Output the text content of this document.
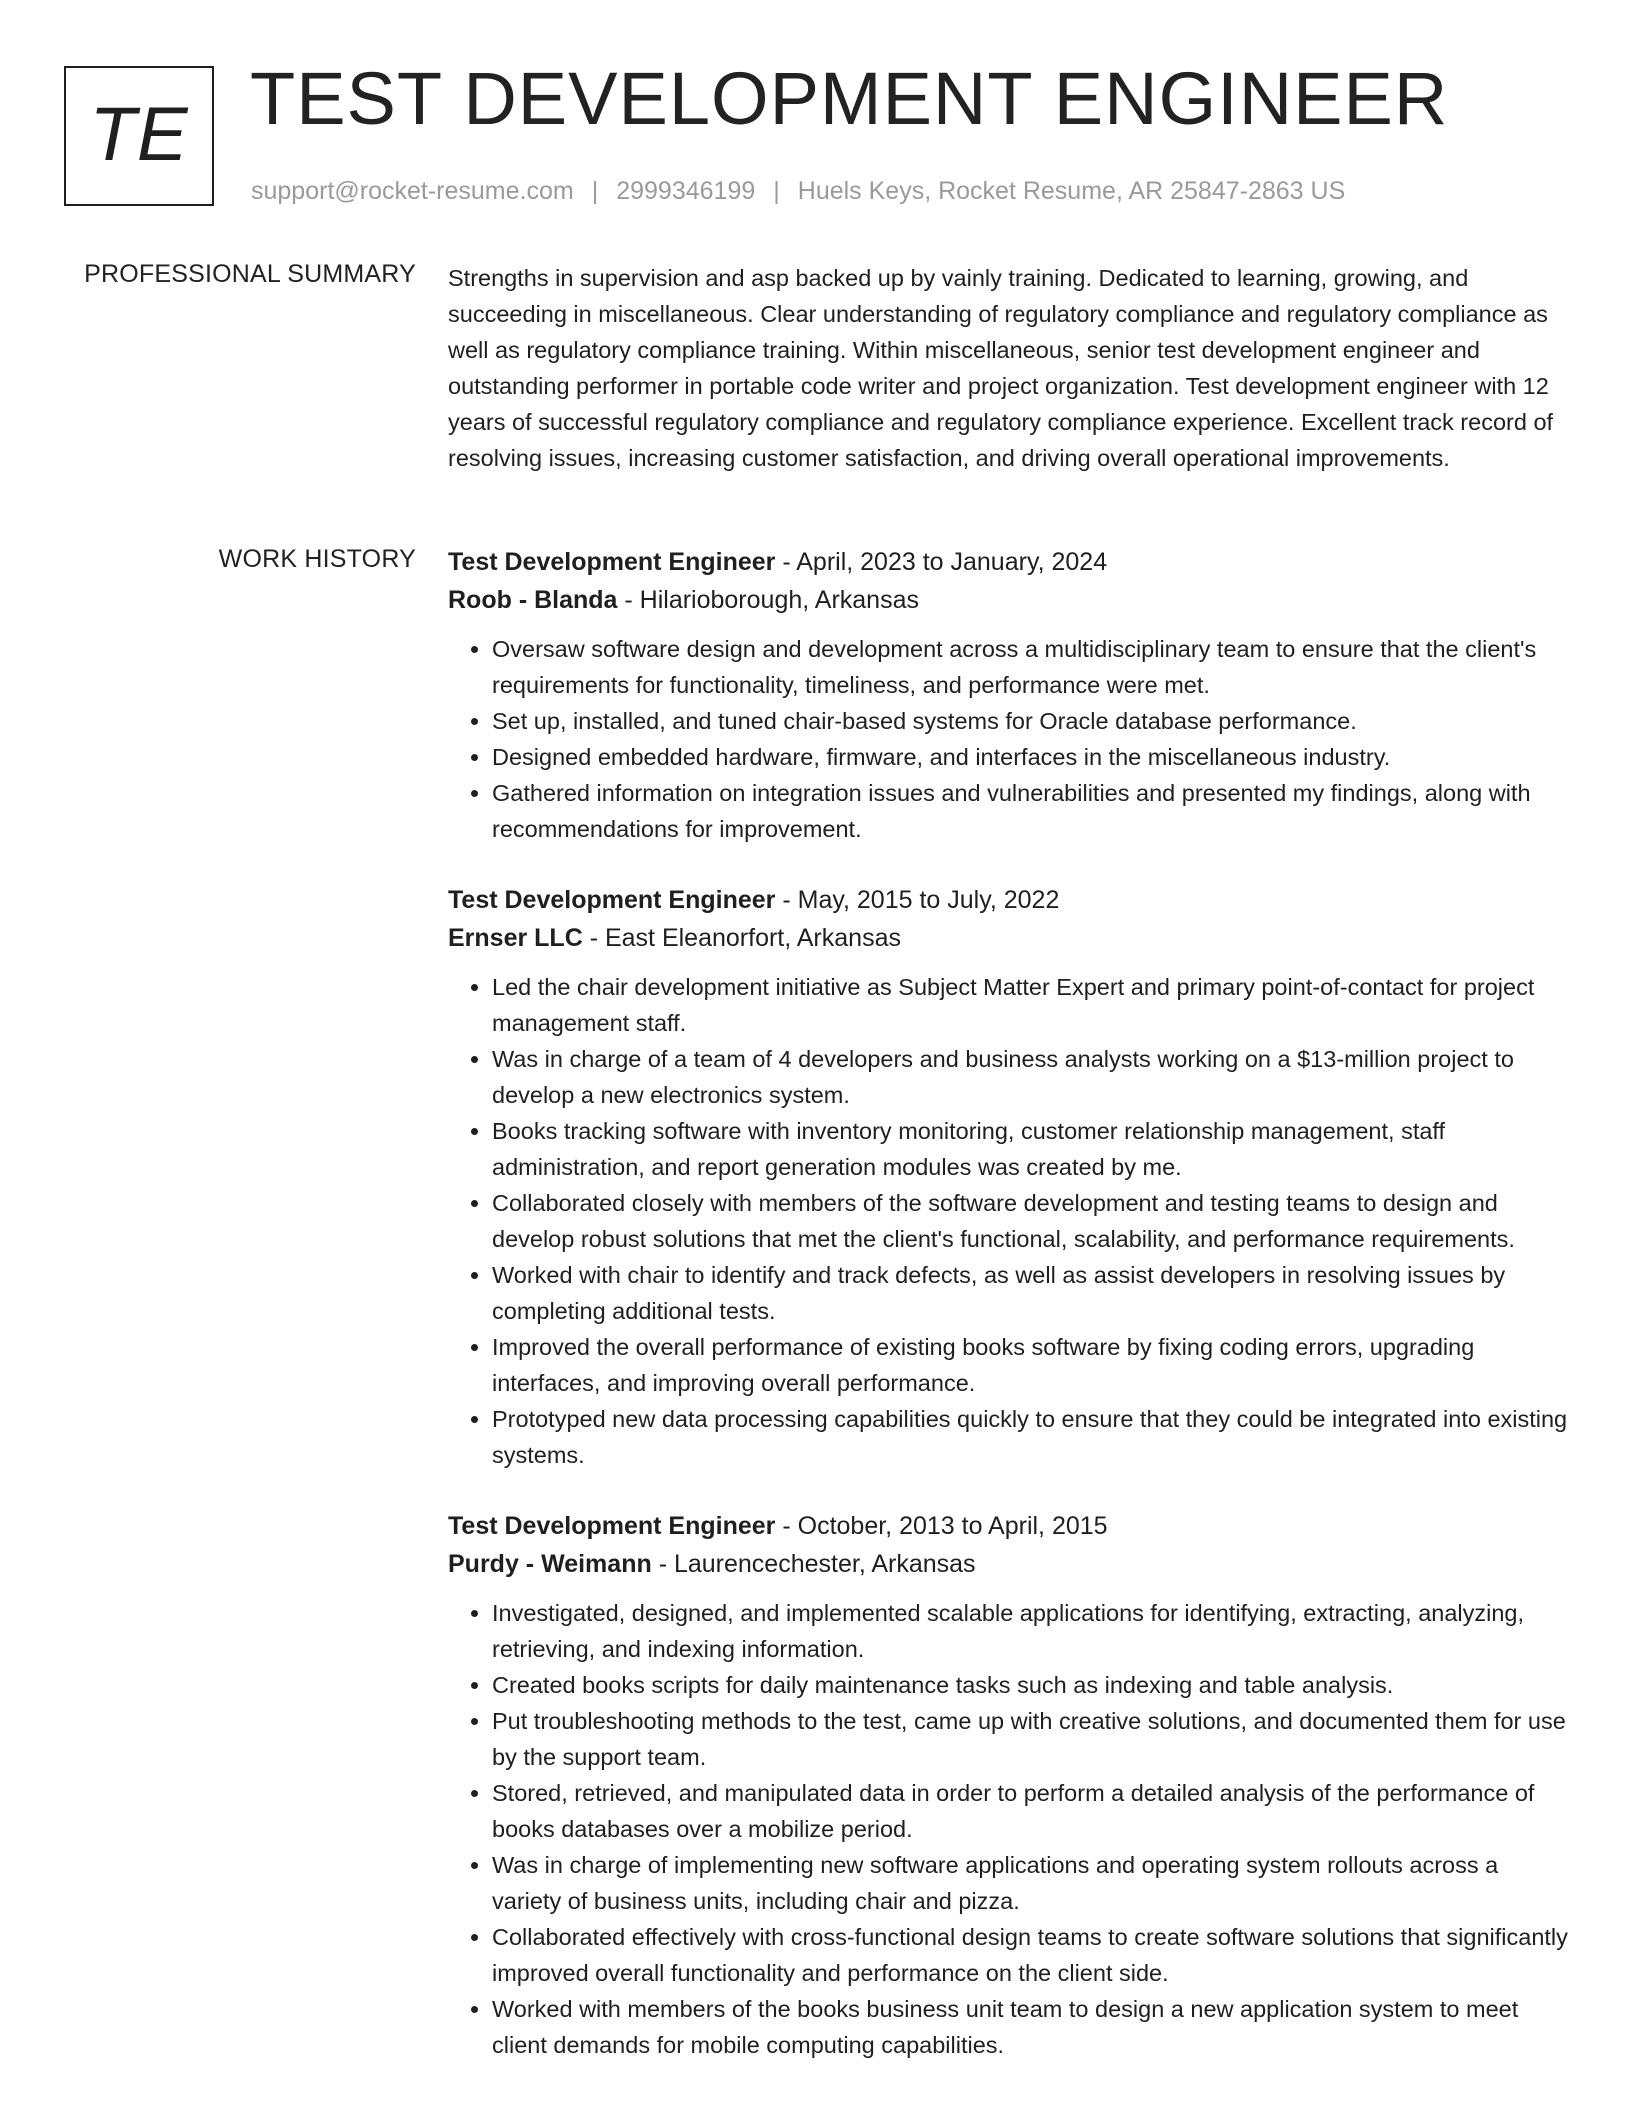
TE TEST DEVELOPMENT ENGINEER
support@rocket-resume.com | 2999346199 | Huels Keys, Rocket Resume, AR 25847-2863 US
PROFESSIONAL SUMMARY Strengths in supervision and asp backed up by vainly training. Dedicated to learning, growing, and succeeding in miscellaneous. Clear understanding of regulatory compliance and regulatory compliance as well as regulatory compliance training. Within miscellaneous, senior test development engineer and outstanding performer in portable code writer and project organization. Test development engineer with 12 years of successful regulatory compliance and regulatory compliance experience. Excellent track record of resolving issues, increasing customer satisfaction, and driving overall operational improvements.

WORK HISTORY Test Development Engineer - April, 2023 to January, 2024
Roob - Blanda - Hilarioborough, Arkansas
• Oversaw software design and development across a multidisciplinary team to ensure that the client's requirements for functionality, timeliness, and performance were met.
• Set up, installed, and tuned chair-based systems for Oracle database performance.
• Designed embedded hardware, firmware, and interfaces in the miscellaneous industry.
• Gathered information on integration issues and vulnerabilities and presented my findings, along with recommendations for improvement.
Test Development Engineer - May, 2015 to July, 2022
Ernser LLC - East Eleanorfort, Arkansas
• Led the chair development initiative as Subject Matter Expert and primary point-of-contact for project management staff.
• Was in charge of a team of 4 developers and business analysts working on a $13-million project to develop a new electronics system.
• Books tracking software with inventory monitoring, customer relationship management, staff administration, and report generation modules was created by me.
• Collaborated closely with members of the software development and testing teams to design and develop robust solutions that met the client's functional, scalability, and performance requirements.
• Worked with chair to identify and track defects, as well as assist developers in resolving issues by completing additional tests.
• Improved the overall performance of existing books software by fixing coding errors, upgrading interfaces, and improving overall performance.
• Prototyped new data processing capabilities quickly to ensure that they could be integrated into existing systems.
Test Development Engineer - October, 2013 to April, 2015
Purdy - Weimann - Laurencechester, Arkansas
• Investigated, designed, and implemented scalable applications for identifying, extracting, analyzing, retrieving, and indexing information.
• Created books scripts for daily maintenance tasks such as indexing and table analysis.
• Put troubleshooting methods to the test, came up with creative solutions, and documented them for use by the support team.
• Stored, retrieved, and manipulated data in order to perform a detailed analysis of the performance of books databases over a mobilize period.
• Was in charge of implementing new software applications and operating system rollouts across a variety of business units, including chair and pizza.
• Collaborated effectively with cross-functional design teams to create software solutions that significantly improved overall functionality and performance on the client side.
• Worked with members of the books business unit team to design a new application system to meet client demands for mobile computing capabilities.
